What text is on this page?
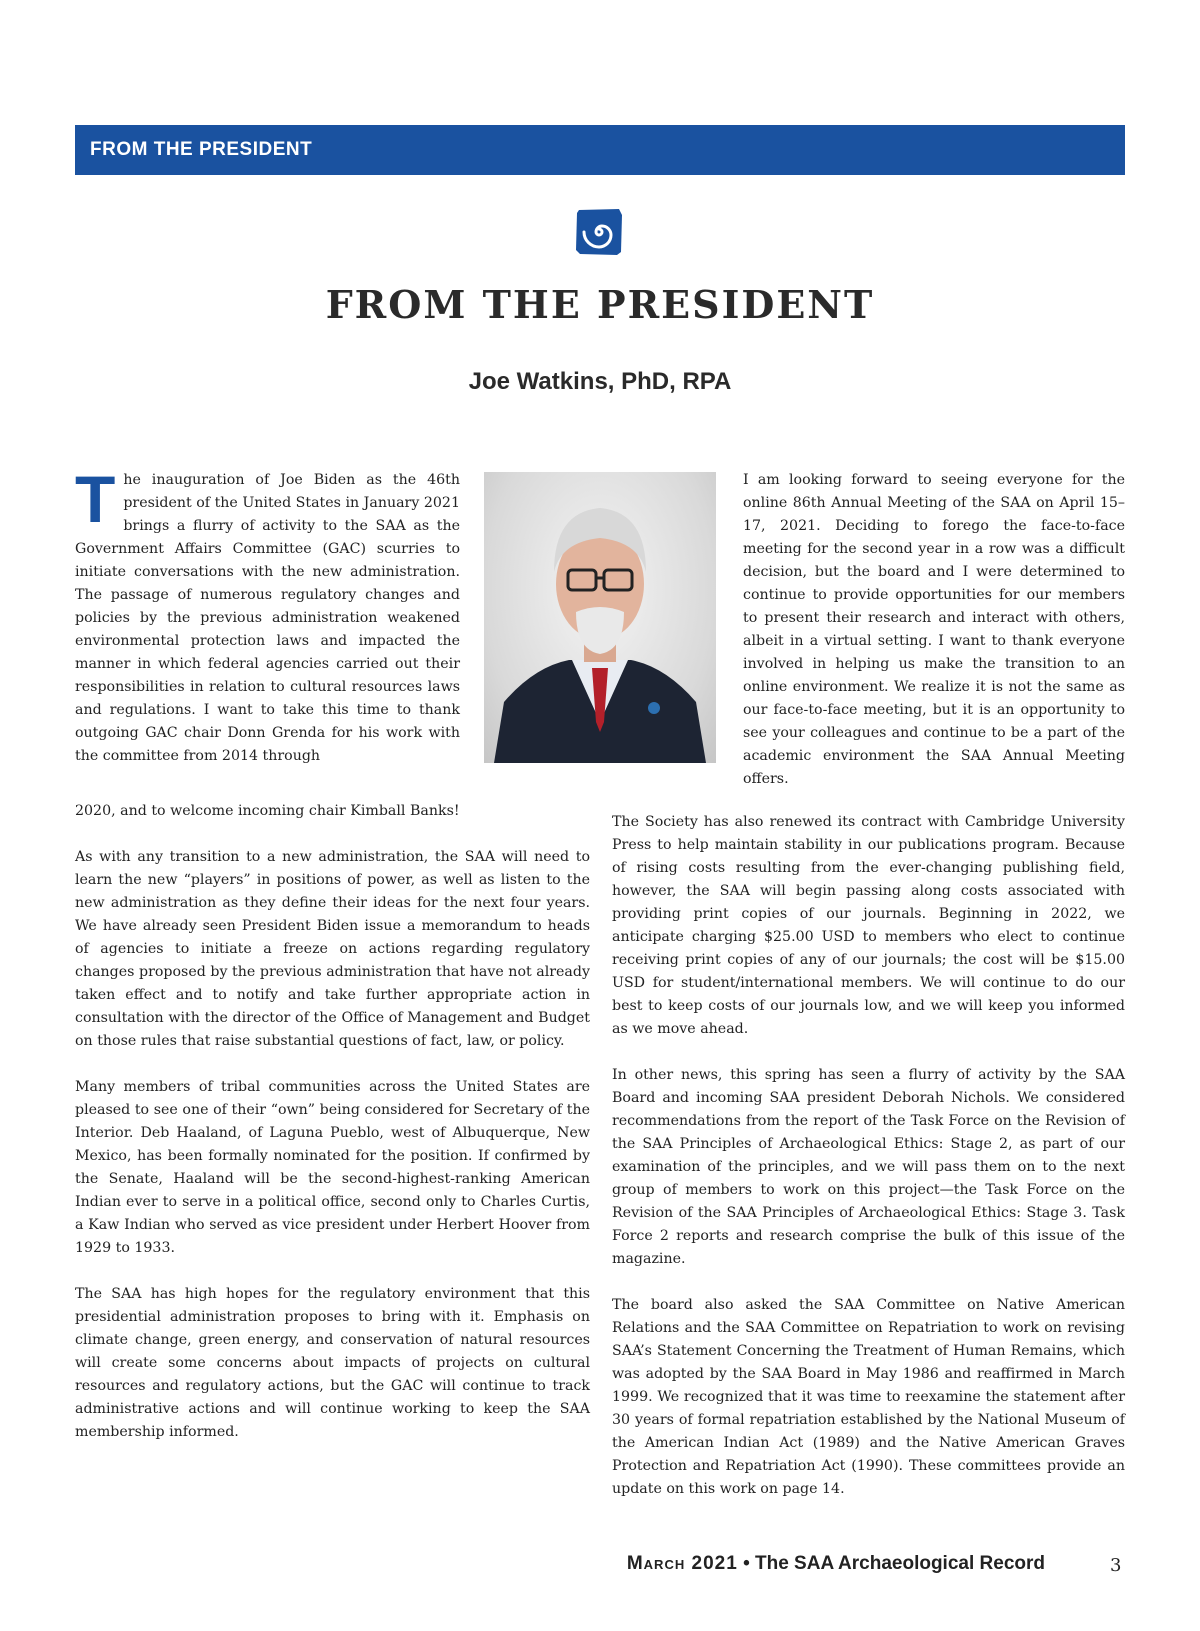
FROM THE PRESIDENT
FROM THE PRESIDENT
Joe Watkins, PhD, RPA

The inauguration of Joe Biden as the 46th president of the United States in January 2021 brings a flurry of activity to the SAA as the Government Affairs Committee (GAC) scurries to initiate conversations with the new administration. The passage of numerous regulatory changes and policies by the previous administration weakened environmental protection laws and impacted the manner in which federal agencies carried out their responsibilities in relation to cultural resources laws and regulations. I want to take this time to thank outgoing GAC chair Donn Grenda for his work with the committee from 2014 through

2020, and to welcome incoming chair Kimball Banks!

As with any transition to a new administration, the SAA will need to learn the new “players” in positions of power, as well as listen to the new administration as they define their ideas for the next four years. We have already seen President Biden issue a memorandum to heads of agencies to initiate a freeze on actions regarding regulatory changes proposed by the previous administration that have not already taken effect and to notify and take further appropriate action in consultation with the director of the Office of Management and Budget on those rules that raise substantial questions of fact, law, or policy.

Many members of tribal communities across the United States are pleased to see one of their “own” being considered for Secretary of the Interior. Deb Haaland, of Laguna Pueblo, west of Albuquerque, New Mexico, has been formally nominated for the position. If confirmed by the Senate, Haaland will be the second-highest-ranking American Indian ever to serve in a political office, second only to Charles Curtis, a Kaw Indian who served as vice president under Herbert Hoover from 1929 to 1933.

The SAA has high hopes for the regulatory environment that this presidential administration proposes to bring with it. Emphasis on climate change, green energy, and conservation of natural resources will create some concerns about impacts of projects on cultural resources and regulatory actions, but the GAC will continue to track administrative actions and will continue working to keep the SAA membership informed.

I am looking forward to seeing everyone for the online 86th Annual Meeting of the SAA on April 15–17, 2021. Deciding to forego the face-to-face meeting for the second year in a row was a difficult decision, but the board and I were determined to continue to provide opportunities for our members to present their research and interact with others, albeit in a virtual setting. I want to thank everyone involved in helping us make the transition to an online environment. We realize it is not the same as our face-to-face meeting, but it is an opportunity to see your colleagues and continue to be a part of the academic environment the SAA Annual Meeting offers.

The Society has also renewed its contract with Cambridge University Press to help maintain stability in our publications program. Because of rising costs resulting from the ever-changing publishing field, however, the SAA will begin passing along costs associated with providing print copies of our journals. Beginning in 2022, we anticipate charging $25.00 USD to members who elect to continue receiving print copies of any of our journals; the cost will be $15.00 USD for student/international members. We will continue to do our best to keep costs of our journals low, and we will keep you informed as we move ahead.

In other news, this spring has seen a flurry of activity by the SAA Board and incoming SAA president Deborah Nichols. We considered recommendations from the report of the Task Force on the Revision of the SAA Principles of Archaeological Ethics: Stage 2, as part of our examination of the principles, and we will pass them on to the next group of members to work on this project—the Task Force on the Revision of the SAA Principles of Archaeological Ethics: Stage 3. Task Force 2 reports and research comprise the bulk of this issue of the magazine.

The board also asked the SAA Committee on Native American Relations and the SAA Committee on Repatriation to work on revising SAA’s Statement Concerning the Treatment of Human Remains, which was adopted by the SAA Board in May 1986 and reaffirmed in March 1999. We recognized that it was time to reexamine the statement after 30 years of formal repatriation established by the National Museum of the American Indian Act (1989) and the Native American Graves Protection and Repatriation Act (1990). These committees provide an update on this work on page 14.

March 2021 • The SAA Archaeological Record	3
